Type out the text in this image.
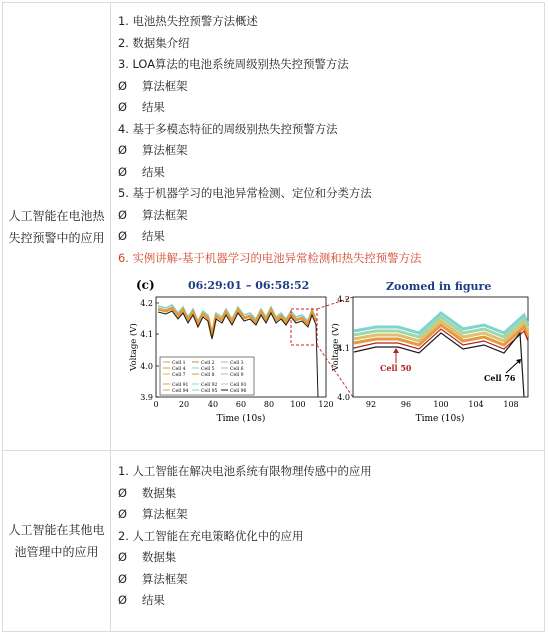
人工智能在电池热失控预警中的应用
1. 电池热失控预警方法概述
2. 数据集介绍
3. LOA算法的电池系统周级别热失控预警方法
Ø 算法框架
Ø 结果
4. 基于多模态特征的周级别热失控预警方法
Ø 算法框架
Ø 结果
5. 基于机器学习的电池异常检测、定位和分类方法
Ø 算法框架
Ø 结果
6. 实例讲解-基于机器学习的电池异常检测和热失控预警方法
(c)	06:29:01 – 06:58:52	Zoomed in figure
3.9
4.0
4.1
4.2
0	20 40 60 80 100 120
Time (10s)
Voltage (V)	Cell 1	Cell 2	Cell 3
Cell 4	Cell 5	Cell 6
Cell 7	Cell 8	Cell 9
Cell 91	Cell 92	Cell 93
Cell 94	Cell 95	Cell 96
4.0
4.1
4.2
92	96	100 104 108
Time (10s)
Voltage (V)	Cell 50
Cell 76
人工智能在其他电池管理中的应用
1. 人工智能在解决电池系统有限物理传感中的应用
Ø 数据集
Ø 算法框架
2. 人工智能在充电策略优化中的应用
Ø 数据集
Ø 算法框架
Ø 结果
